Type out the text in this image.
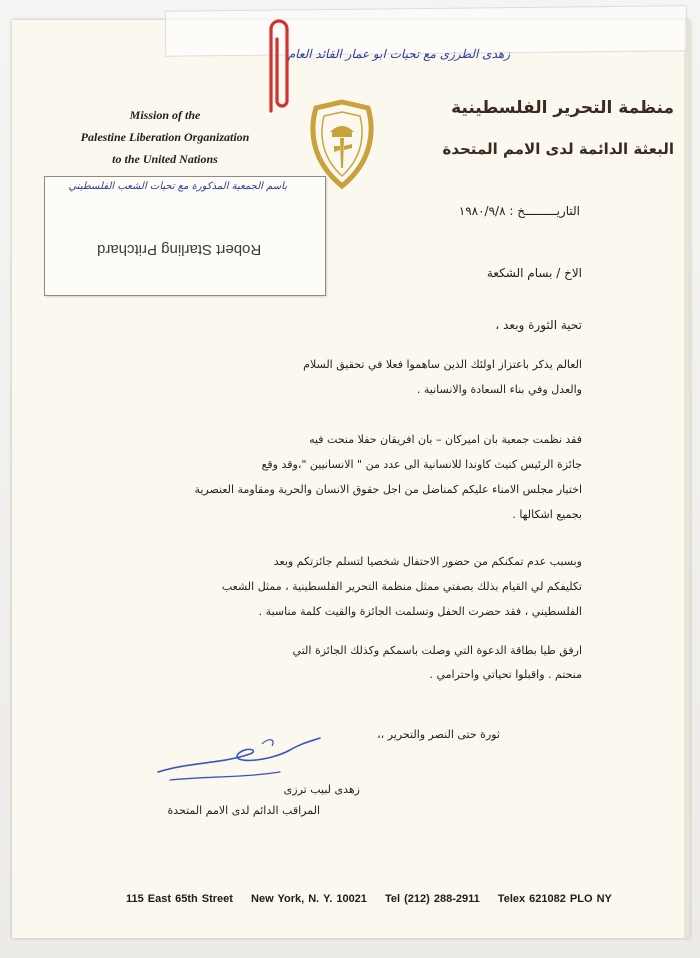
زهدى الطرزى مع تحيات ابو عمار القائد العام
Mission of the
Palestine Liberation Organization
to the United Nations
منظمة التحرير الفلسطينية
البعثة الدائمة لدى الامم المتحدة
باسم الجمعية المذكورة مع تحيات الشعب الفلسطيني
Robert Starling Pritchard
التاريـــــــــخ : ١٩٨٠/٩/٨
الاخ / بسام الشكعة
تحية الثورة وبعد ،
العالم يذكر باعتزاز اولئك الذين ساهموا فعلا في تحقيق السلام
والعدل وفي بناء السعادة والانسانية .
فقد نظمت جمعية بان اميركان – بان افريقان حفلا منحت فيه
جائزة الرئيس كنيث كاوندا للانسانية الى عدد من " الانسانيين "،وقد وقع
اختيار مجلس الامناء عليكم كمناضل من اجل حقوق الانسان والحرية ومقاومة العنصرية
بجميع اشكالها .
وبسبب عدم تمكنكم من حضور الاحتفال شخصيا لتسلم جائزتكم وبعد
تكليفكم لي القيام بذلك بصفتي ممثل منظمة التحرير الفلسطينية ، ممثل الشعب
الفلسطيني ، فقد حضرت الحفل وتسلمت الجائزة والقيت كلمة مناسبة .
ارفق طيا بطاقة الدعوة التي وصلت باسمكم وكذلك الجائزة التي
منحتم . واقبلوا تحياتي واحترامي .
ثورة حتى النصر والتحرير ،،
زهدى لبيب ترزى
المراقب الدائم لدى الامم المتحدة
115 East 65th Street New York, N. Y. 10021 Tel (212) 288-2911 Telex 621082 PLO NY
